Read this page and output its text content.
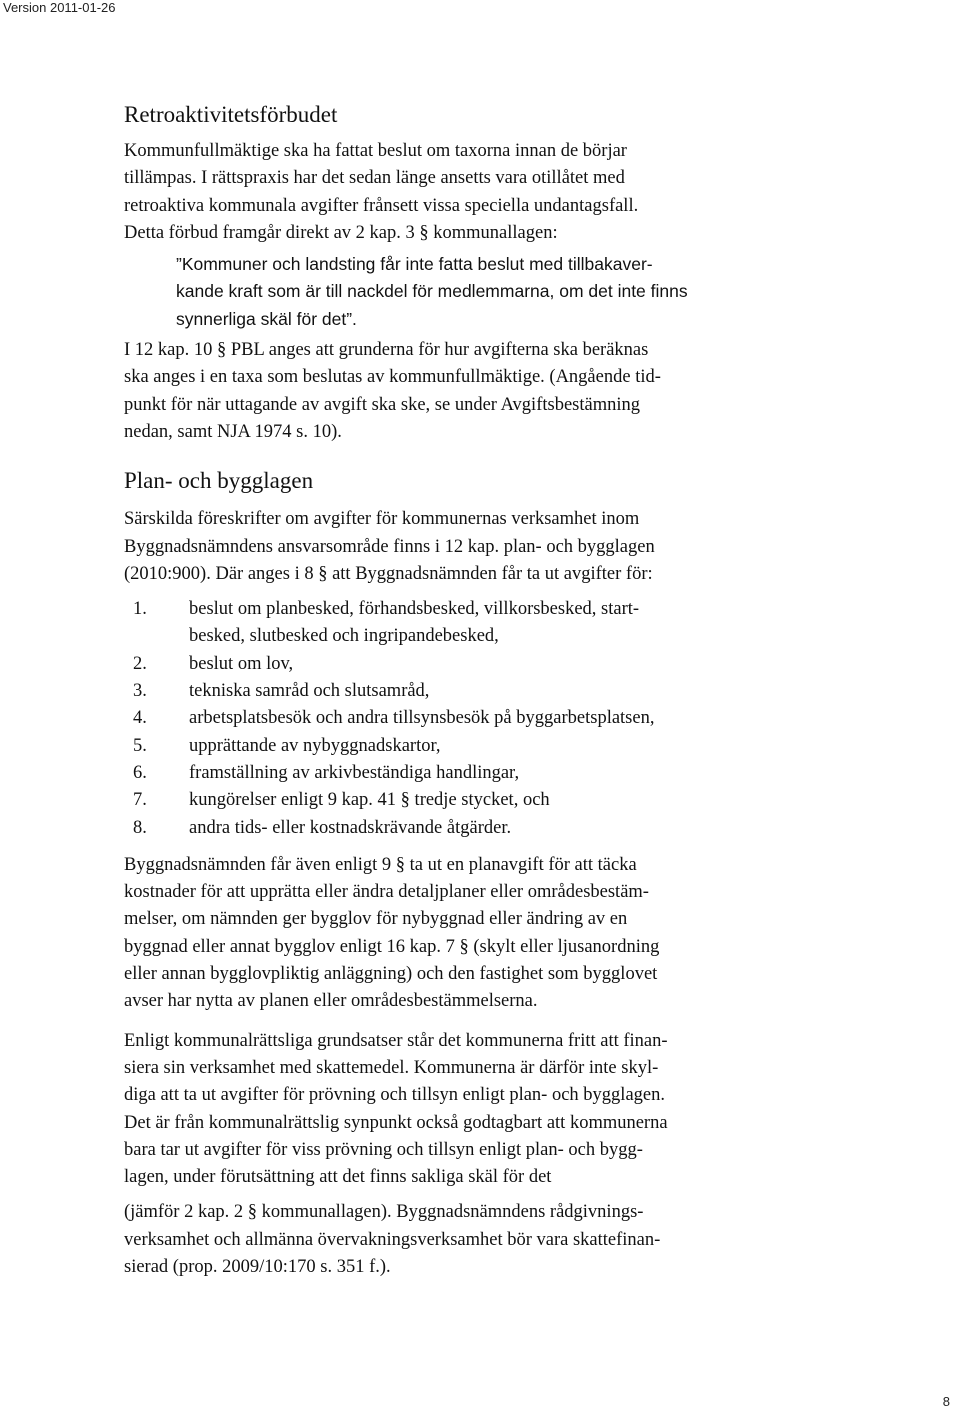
Version 2011-01-26
Retroaktivitetsförbudet

Kommunfullmäktige ska ha fattat beslut om taxorna innan de börjar
tillämpas. I rättspraxis har det sedan länge ansetts vara otillåtet med
retroaktiva kommunala avgifter frånsett vissa speciella undantagsfall.
Detta förbud framgår direkt av 2 kap. 3 § kommunallagen:

”Kommuner och landsting får inte fatta beslut med tillbakaver-
kande kraft som är till nackdel för medlemmarna, om det inte finns
synnerliga skäl för det”.

I 12 kap. 10 § PBL anges att grunderna för hur avgifterna ska beräknas
ska anges i en taxa som beslutas av kommunfullmäktige. (Angående tid-
punkt för när uttagande av avgift ska ske, se under Avgiftsbestämning
nedan, samt NJA 1974 s. 10).

Plan- och bygglagen

Särskilda föreskrifter om avgifter för kommunernas verksamhet inom
Byggnadsnämndens ansvarsområde finns i 12 kap. plan- och bygglagen
(2010:900). Där anges i 8 § att Byggnadsnämnden får ta ut avgifter för:

1. beslut om planbesked, förhandsbesked, villkorsbesked, start-
besked, slutbesked och ingripandebesked,
2. beslut om lov,
3. tekniska samråd och slutsamråd,
4. arbetsplatsbesök och andra tillsynsbesök på byggarbetsplatsen,
5. upprättande av nybyggnadskartor,
6. framställning av arkivbeständiga handlingar,
7. kungörelser enligt 9 kap. 41 § tredje stycket, och
8. andra tids- eller kostnadskrävande åtgärder.

Byggnadsnämnden får även enligt 9 § ta ut en planavgift för att täcka
kostnader för att upprätta eller ändra detaljplaner eller områdesbestäm-
melser, om nämnden ger bygglov för nybyggnad eller ändring av en
byggnad eller annat bygglov enligt 16 kap. 7 § (skylt eller ljusanordning
eller annan bygglovpliktig anläggning) och den fastighet som bygglovet
avser har nytta av planen eller områdesbestämmelserna.

Enligt kommunalrättsliga grundsatser står det kommunerna fritt att finan-
siera sin verksamhet med skattemedel. Kommunerna är därför inte skyl-
diga att ta ut avgifter för prövning och tillsyn enligt plan- och bygglagen.
Det är från kommunalrättslig synpunkt också godtagbart att kommunerna
bara tar ut avgifter för viss prövning och tillsyn enligt plan- och bygg-
lagen, under förutsättning att det finns sakliga skäl för det

(jämför 2 kap. 2 § kommunallagen). Byggnadsnämndens rådgivnings-
verksamhet och allmänna övervakningsverksamhet bör vara skattefinan-
sierad (prop. 2009/10:170 s. 351 f.).

8
